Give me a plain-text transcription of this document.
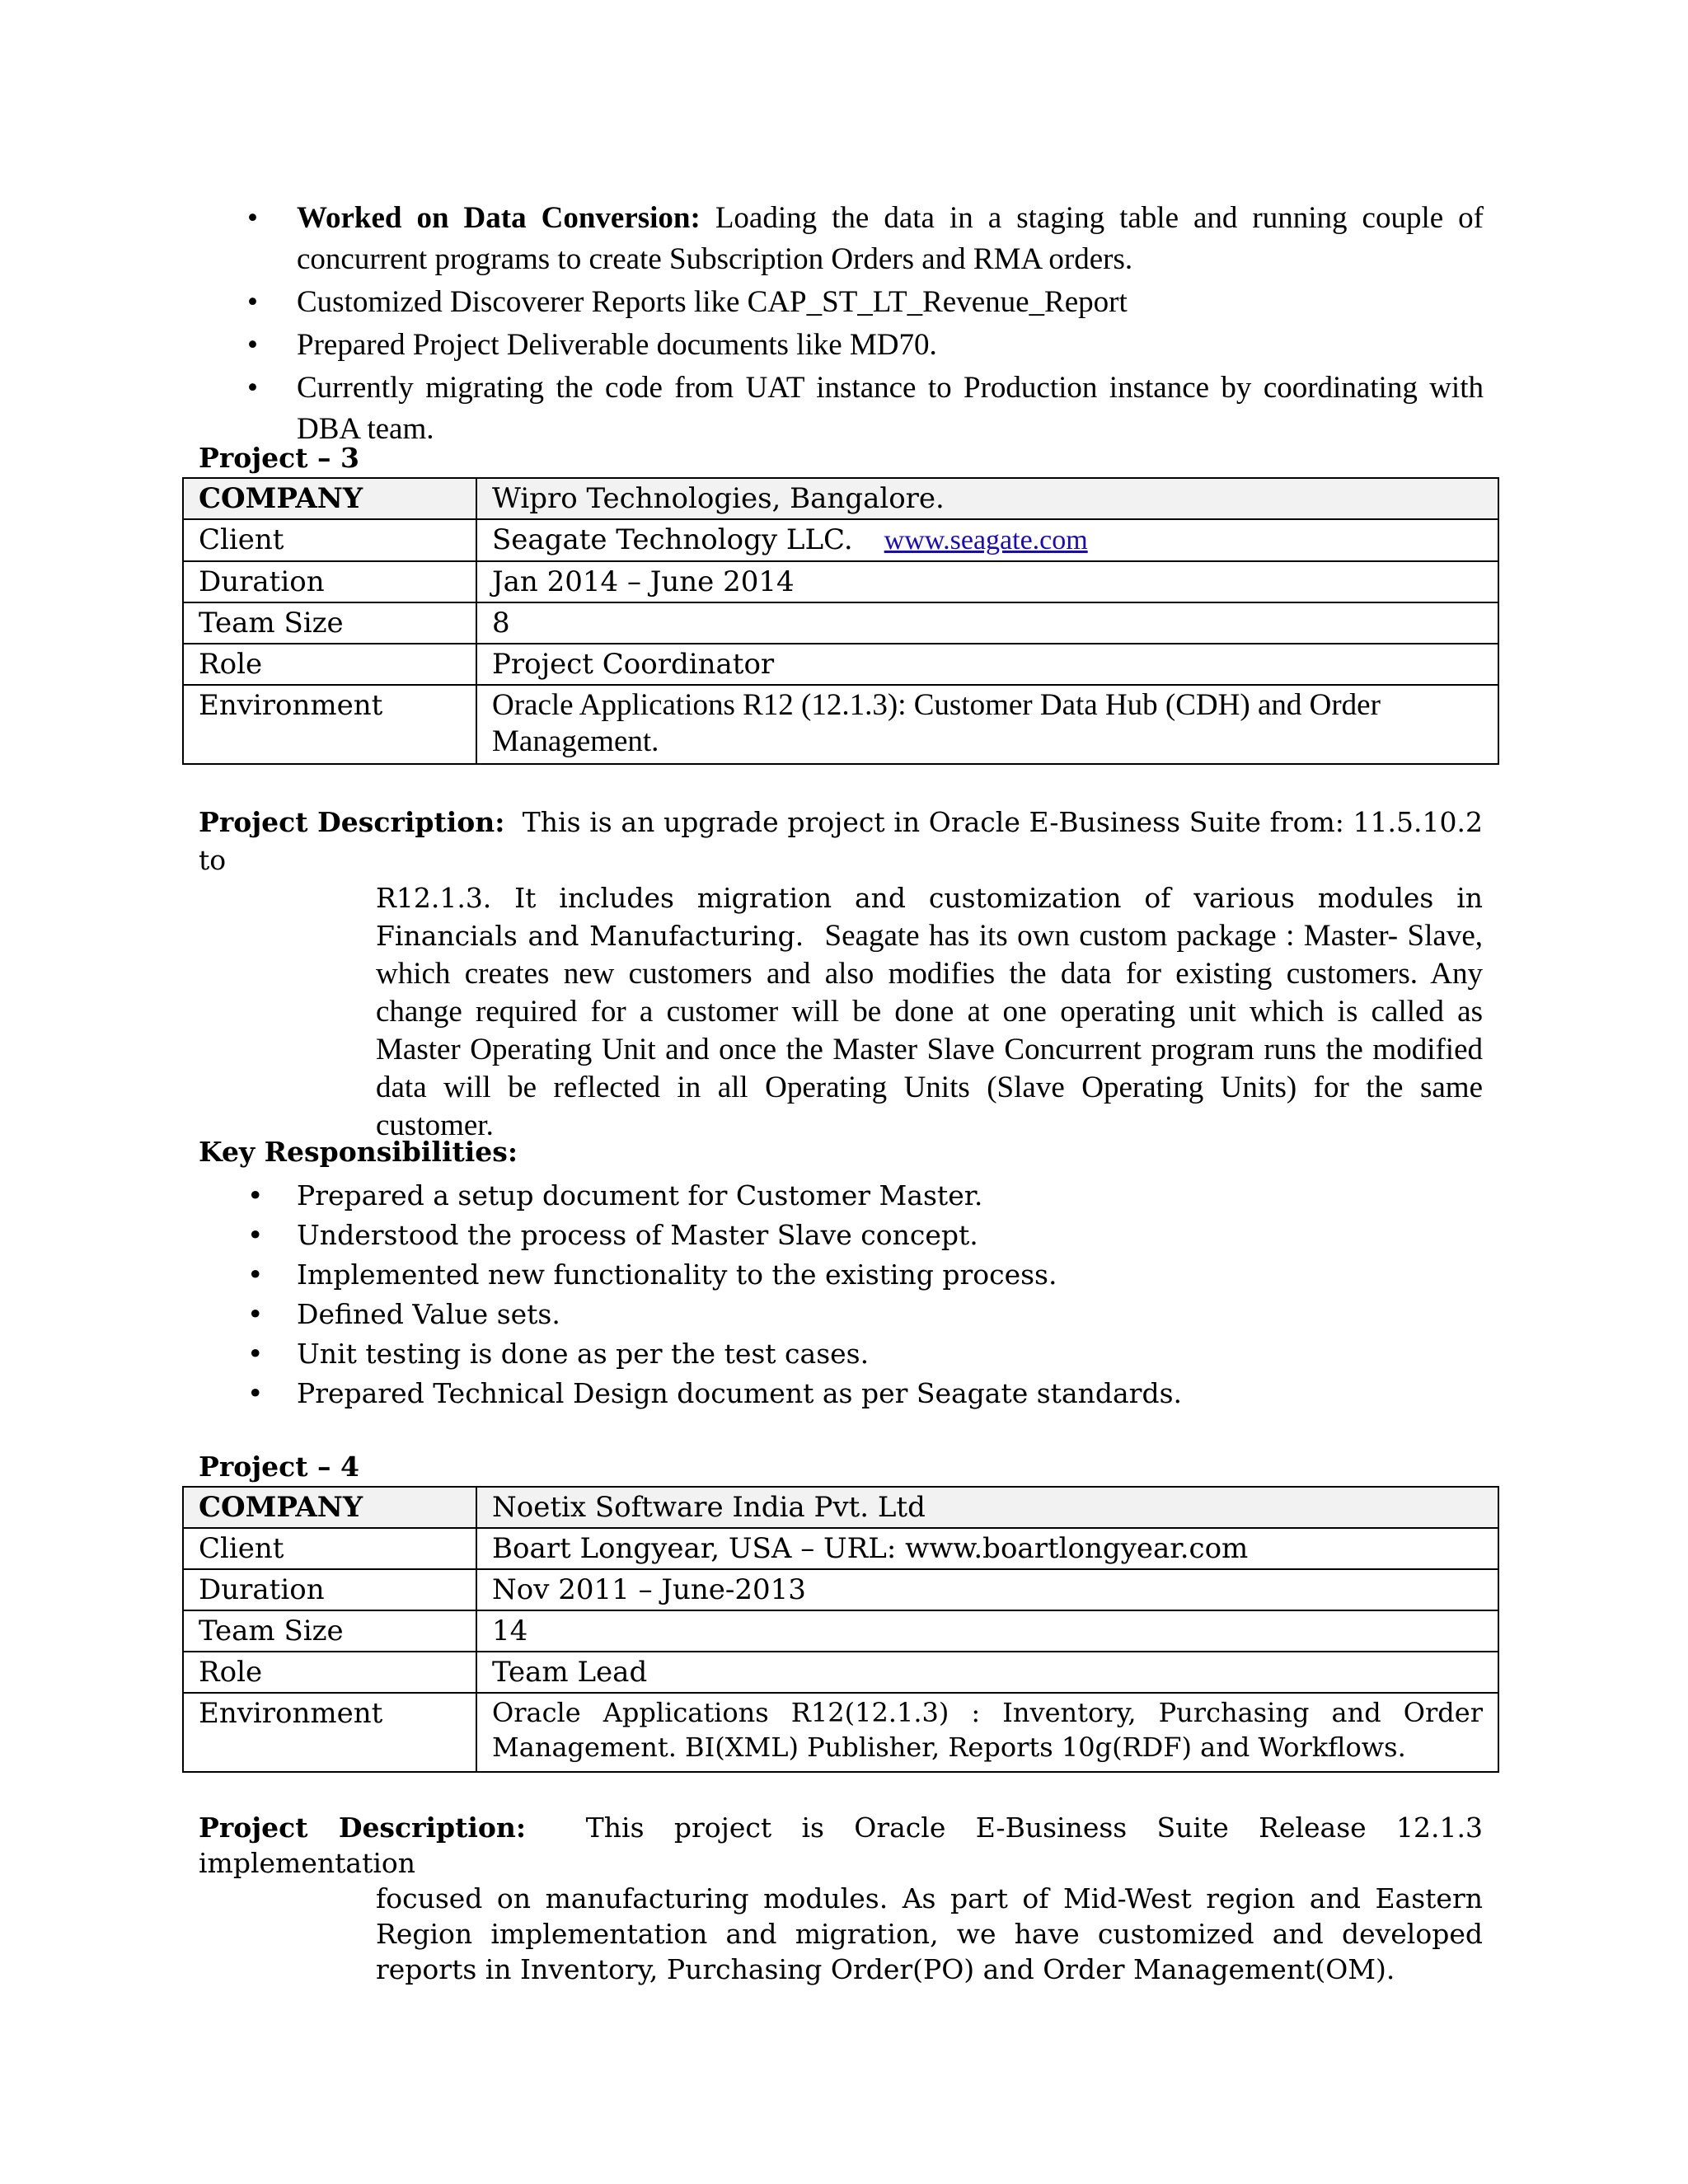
• Worked on Data Conversion: Loading the data in a staging table and running couple of concurrent programs to create Subscription Orders and RMA orders.
• Customized Discoverer Reports like CAP_ST_LT_Revenue_Report
• Prepared Project Deliverable documents like MD70.
• Currently migrating the code from UAT instance to Production instance by coordinating with DBA team.
Project – 3
COMPANY	Wipro Technologies, Bangalore.
Client	Seagate Technology LLC. www.seagate.com
Duration	Jan 2014 – June 2014
Team Size	8
Role	Project Coordinator
Environment	Oracle Applications R12 (12.1.3): Customer Data Hub (CDH) and Order Management.
Project Description: This is an upgrade project in Oracle E-Business Suite from: 11.5.10.2 to
R12.1.3. It includes migration and customization of various modules in Financials and Manufacturing. Seagate has its own custom package : Master- Slave, which creates new customers and also modifies the data for existing customers. Any change required for a customer will be done at one operating unit which is called as Master Operating Unit and once the Master Slave Concurrent program runs the modified data will be reflected in all Operating Units (Slave Operating Units) for the same customer.
Key Responsibilities:
• Prepared a setup document for Customer Master.
• Understood the process of Master Slave concept.
• Implemented new functionality to the existing process.
• Defined Value sets.
• Unit testing is done as per the test cases.
• Prepared Technical Design document as per Seagate standards.
Project – 4
COMPANY	Noetix Software India Pvt. Ltd
Client	Boart Longyear, USA – URL: www.boartlongyear.com
Duration	Nov 2011 – June-2013
Team Size	14
Role	Team Lead
Environment	Oracle Applications R12(12.1.3) : Inventory, Purchasing and Order Management. BI(XML) Publisher, Reports 10g(RDF) and Workflows.
Project Description: This project is Oracle E-Business Suite Release 12.1.3 implementation
focused on manufacturing modules. As part of Mid-West region and Eastern Region implementation and migration, we have customized and developed reports in Inventory, Purchasing Order(PO) and Order Management(OM).
